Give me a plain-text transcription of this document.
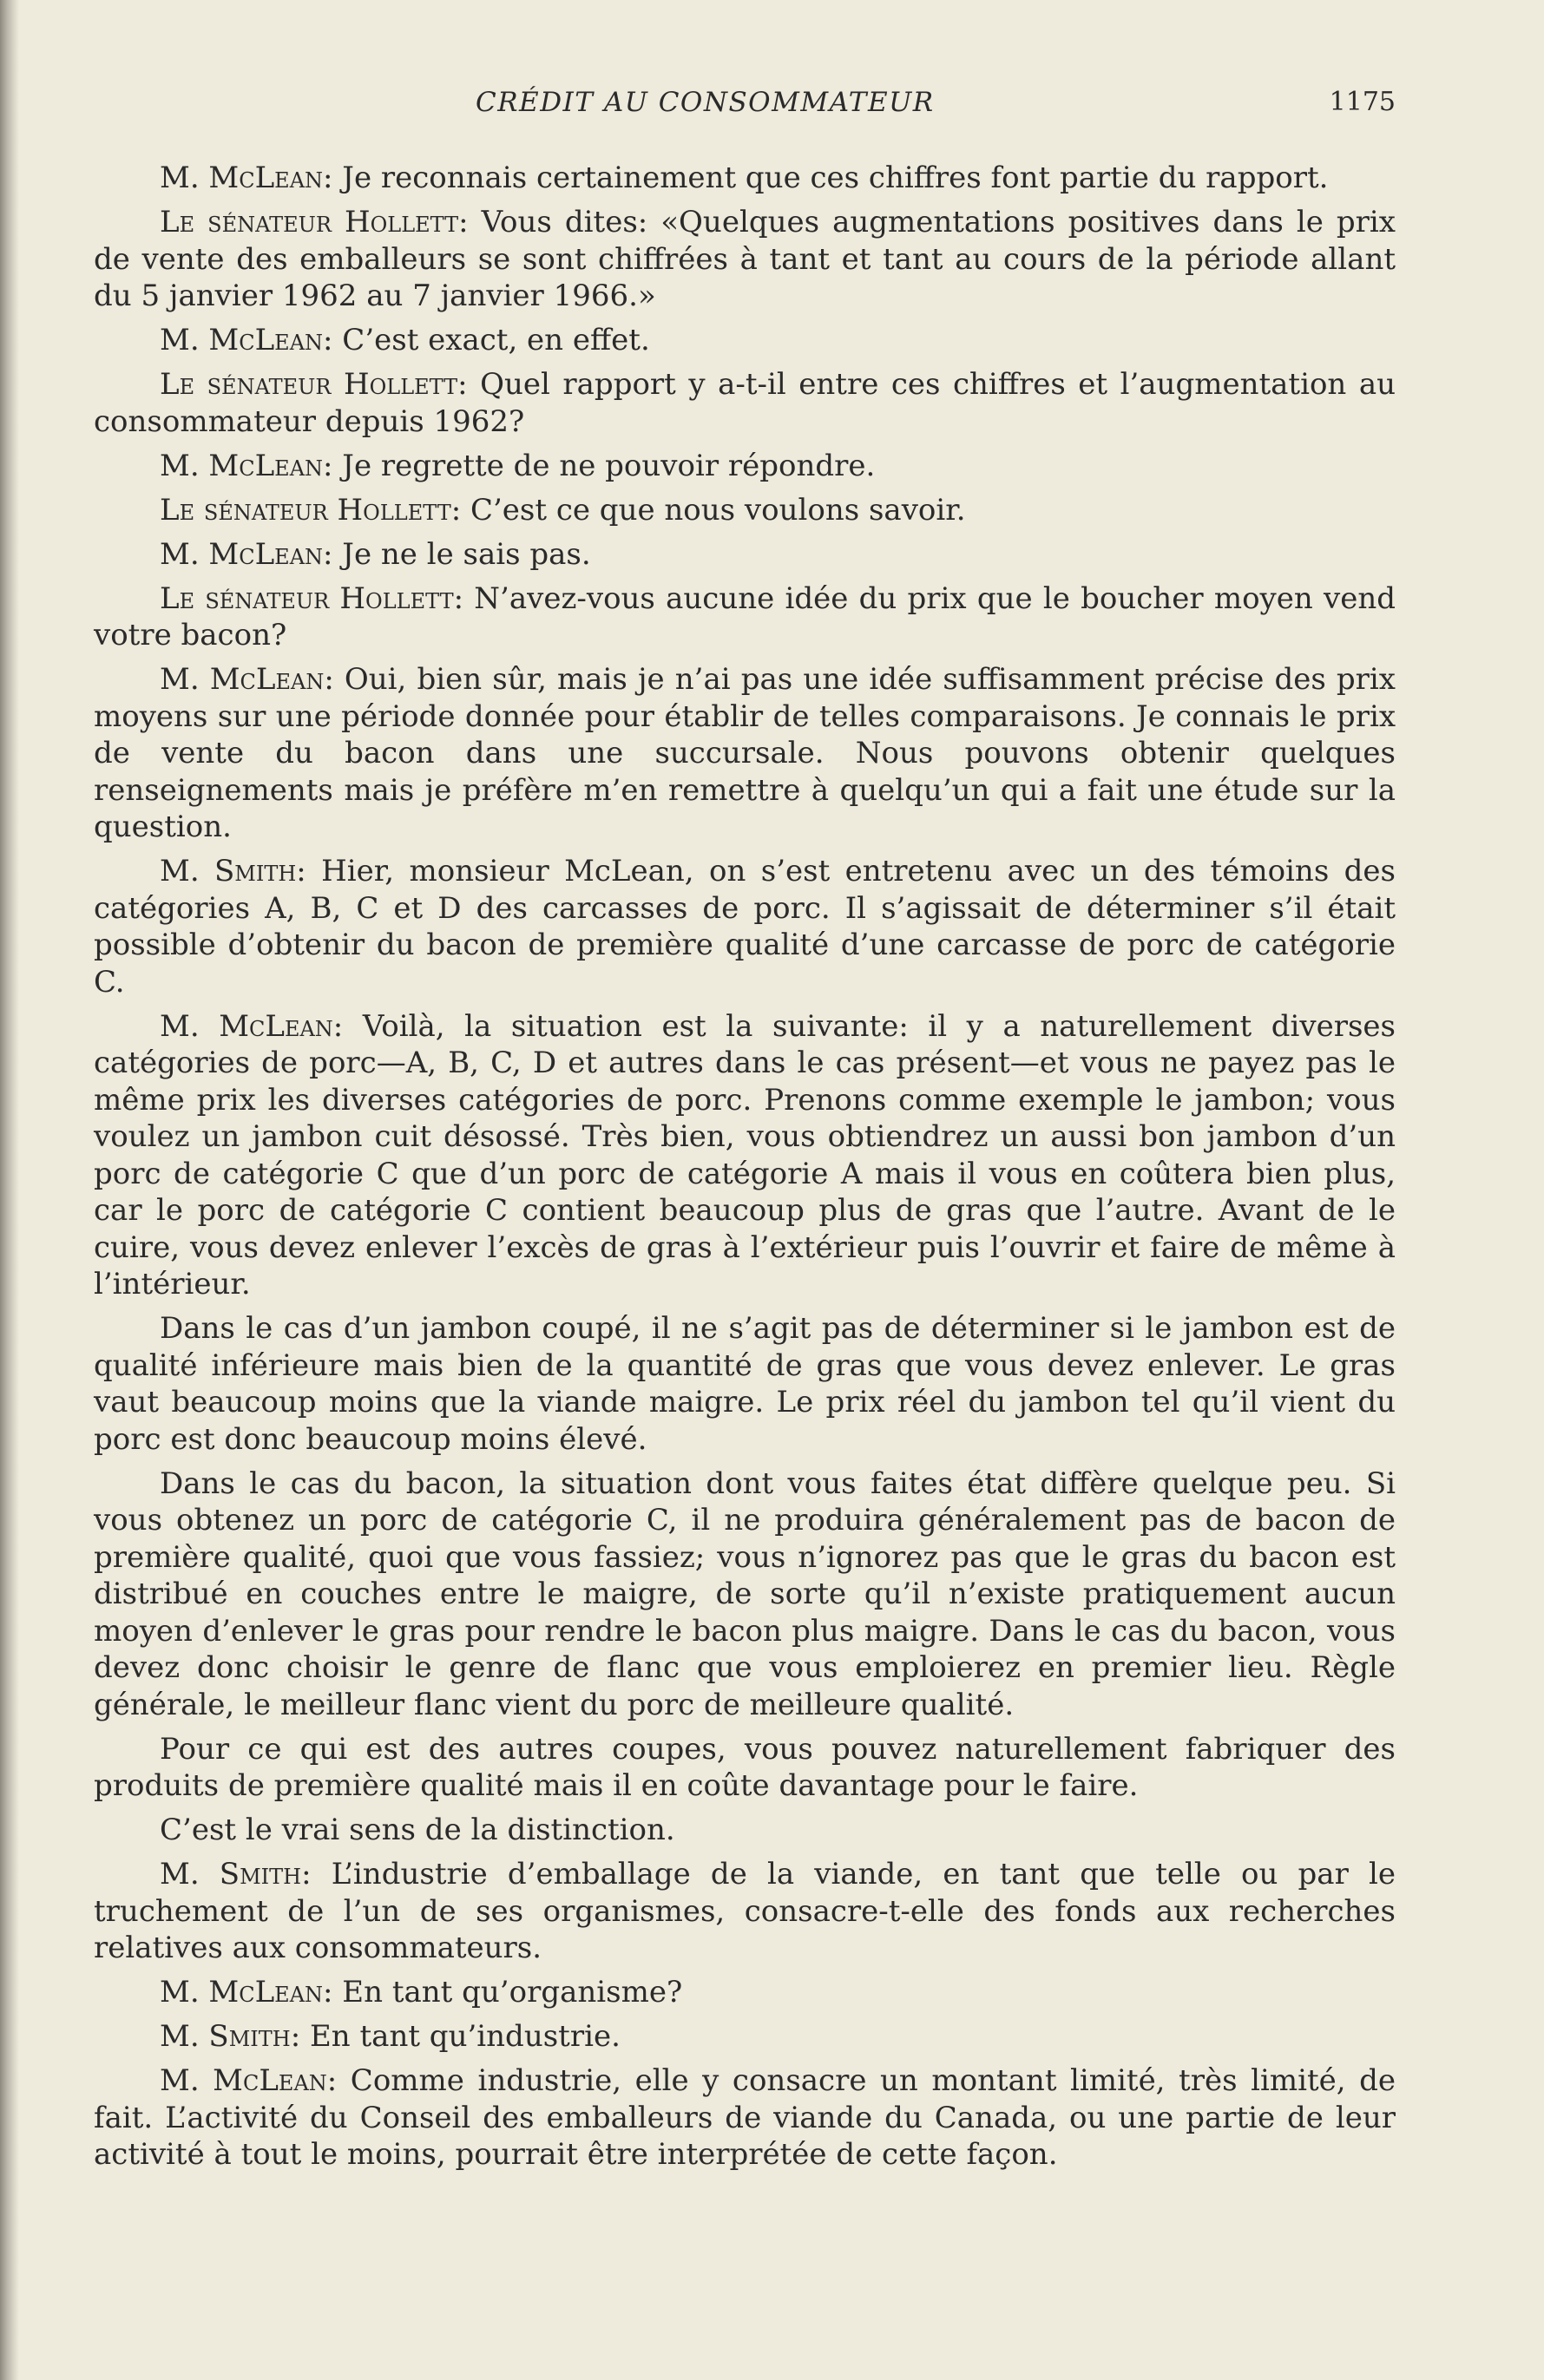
CRÉDIT AU CONSOMMATEUR	1175

M. McLean: Je reconnais certainement que ces chiffres font partie du rapport.

Le sénateur Hollett: Vous dites: «Quelques augmentations positives dans le prix de vente des emballeurs se sont chiffrées à tant et tant au cours de la période allant du 5 janvier 1962 au 7 janvier 1966.»

M. McLean: C’est exact, en effet.

Le sénateur Hollett: Quel rapport y a-t-il entre ces chiffres et l’augmentation au consommateur depuis 1962?

M. McLean: Je regrette de ne pouvoir répondre.

Le sénateur Hollett: C’est ce que nous voulons savoir.

M. McLean: Je ne le sais pas.

Le sénateur Hollett: N’avez-vous aucune idée du prix que le boucher moyen vend votre bacon?

M. McLean: Oui, bien sûr, mais je n’ai pas une idée suffisamment précise des prix moyens sur une période donnée pour établir de telles comparaisons. Je connais le prix de vente du bacon dans une succursale. Nous pouvons obtenir quelques renseignements mais je préfère m’en remettre à quelqu’un qui a fait une étude sur la question.

M. Smith: Hier, monsieur McLean, on s’est entretenu avec un des témoins des catégories A, B, C et D des carcasses de porc. Il s’agissait de déterminer s’il était possible d’obtenir du bacon de première qualité d’une carcasse de porc de catégorie C.

M. McLean: Voilà, la situation est la suivante: il y a naturellement diverses catégories de porc—A, B, C, D et autres dans le cas présent—et vous ne payez pas le même prix les diverses catégories de porc. Prenons comme exemple le jambon; vous voulez un jambon cuit désossé. Très bien, vous obtiendrez un aussi bon jambon d’un porc de catégorie C que d’un porc de catégorie A mais il vous en coûtera bien plus, car le porc de catégorie C contient beaucoup plus de gras que l’autre. Avant de le cuire, vous devez enlever l’excès de gras à l’extérieur puis l’ouvrir et faire de même à l’intérieur.

Dans le cas d’un jambon coupé, il ne s’agit pas de déterminer si le jambon est de qualité inférieure mais bien de la quantité de gras que vous devez enlever. Le gras vaut beaucoup moins que la viande maigre. Le prix réel du jambon tel qu’il vient du porc est donc beaucoup moins élevé.

Dans le cas du bacon, la situation dont vous faites état diffère quelque peu. Si vous obtenez un porc de catégorie C, il ne produira généralement pas de bacon de première qualité, quoi que vous fassiez; vous n’ignorez pas que le gras du bacon est distribué en couches entre le maigre, de sorte qu’il n’existe pratiquement aucun moyen d’enlever le gras pour rendre le bacon plus maigre. Dans le cas du bacon, vous devez donc choisir le genre de flanc que vous emploierez en premier lieu. Règle générale, le meilleur flanc vient du porc de meilleure qualité.

Pour ce qui est des autres coupes, vous pouvez naturellement fabriquer des produits de première qualité mais il en coûte davantage pour le faire.

C’est le vrai sens de la distinction.

M. Smith: L’industrie d’emballage de la viande, en tant que telle ou par le truchement de l’un de ses organismes, consacre-t-elle des fonds aux recherches relatives aux consommateurs.

M. McLean: En tant qu’organisme?

M. Smith: En tant qu’industrie.

M. McLean: Comme industrie, elle y consacre un montant limité, très limité, de fait. L’activité du Conseil des emballeurs de viande du Canada, ou une partie de leur activité à tout le moins, pourrait être interprétée de cette façon.
